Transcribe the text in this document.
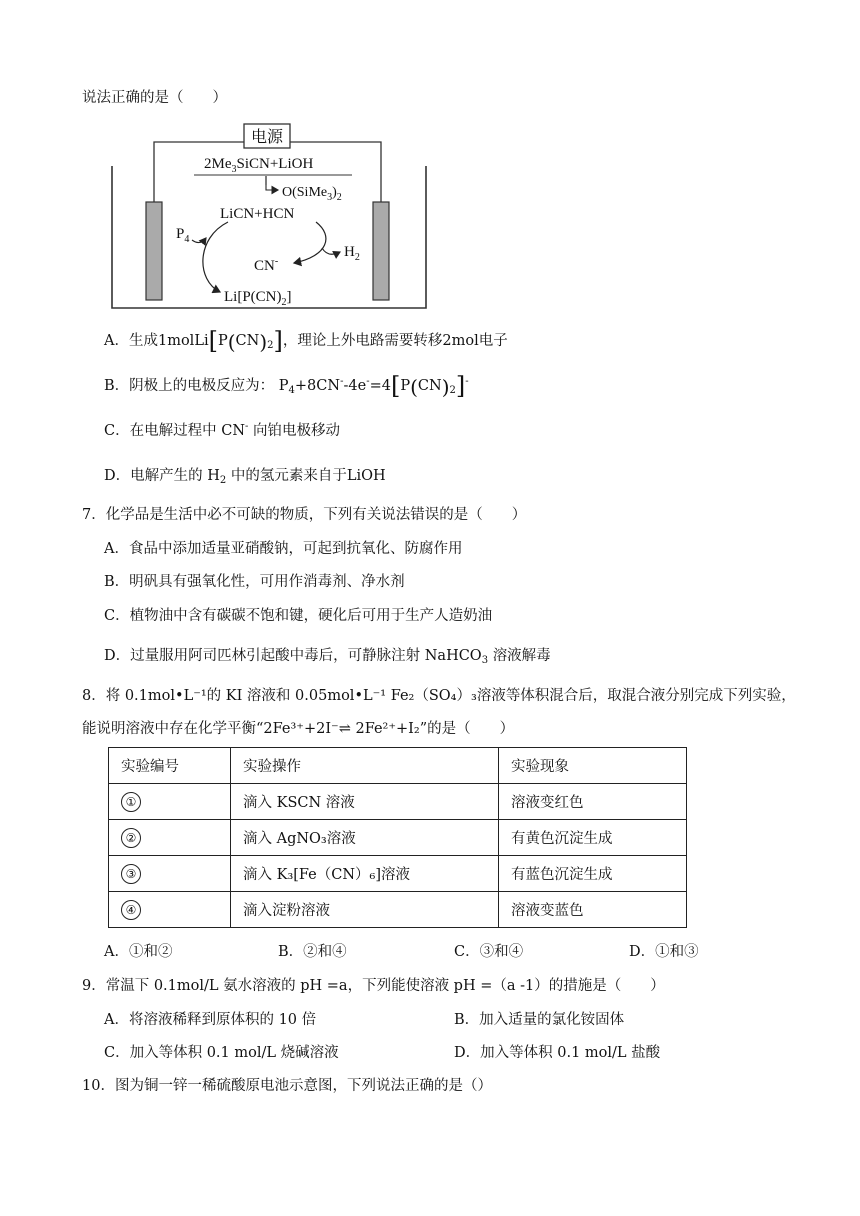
说法正确的是（　　）
电源
$2Me_3SiCN+LiOH$
$O(SiMe_3)_2$
LiCN+HCN
$P_4$
$H_2$
CN-
$Li[P(CN)_2]$
A．生成$1molLi[P(CN)_2]$，理论上外电路需要转移2mol电子
B．阴极上的电极反应为： $P_4+8CN^--4e^-=4[P(CN)_2]^-$
C．在电解过程中 CN- 向铂电极移动
D．电解产生的 $H_2$ 中的氢元素来自于LiOH
7．化学品是生活中必不可缺的物质，下列有关说法错误的是（　　）
A．食品中添加适量亚硝酸钠，可起到抗氧化、防腐作用
B．明矾具有强氧化性，可用作消毒剂、净水剂
C．植物油中含有碳碳不饱和键，硬化后可用于生产人造奶油
D．过量服用阿司匹林引起酸中毒后，可静脉注射 NaHCO$_3$ 溶液解毒
8．将 0.1mol•L⁻¹的 KI 溶液和 0.05mol•L⁻¹ Fe₂（SO₄）₃溶液等体积混合后，取混合液分别完成下列实验，
能说明溶液中存在化学平衡“2Fe³⁺+2I⁻⇌ 2Fe²⁺+I₂”的是（　　）
实验编号	实验操作	实验现象
①	滴入 KSCN 溶液	溶液变红色
②	滴入 AgNO₃溶液	有黄色沉淀生成
③	滴入 K₃[Fe（CN）₆]溶液	有蓝色沉淀生成
④	滴入淀粉溶液	溶液变蓝色
A．①和②	B．②和④	C．③和④	D．①和③
9．常温下 0.1mol/L 氨水溶液的 pH =a，下列能使溶液 pH =（a -1）的措施是（　　）
A．将溶液稀释到原体积的 10 倍	B．加入适量的氯化铵固体
C．加入等体积 0.1 mol/L 烧碱溶液	D．加入等体积 0.1 mol/L 盐酸
10．图为铜一锌一稀硫酸原电池示意图，下列说法正确的是（）
